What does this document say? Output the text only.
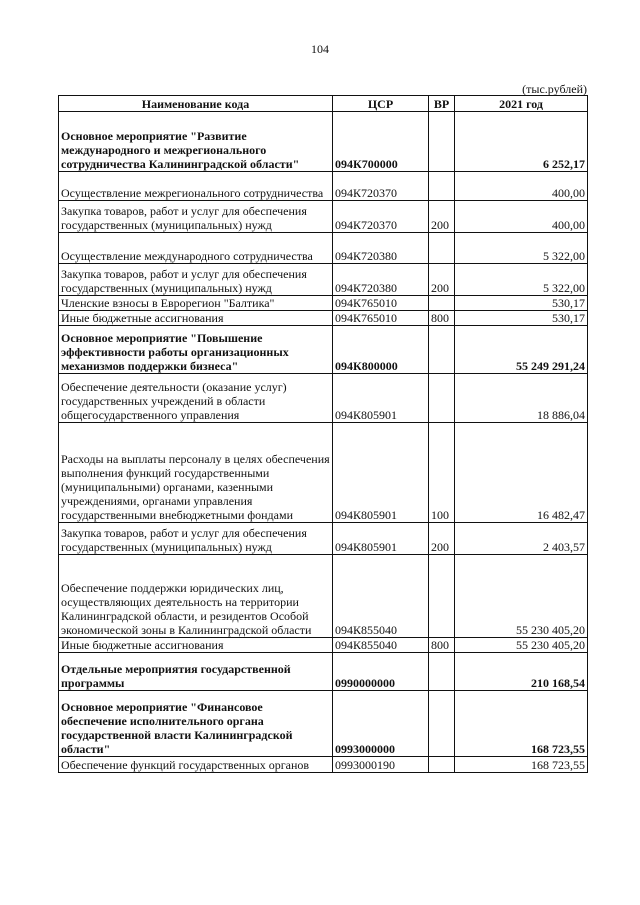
104
(тыс.рублей)
Наименование кода	ЦСР	ВР	2021 год
Основное мероприятие "Развитие международного и межрегионального сотрудничества Калининградской области"	094К700000		6 252,17
Осуществление межрегионального сотрудничества	094К720370		400,00
Закупка товаров, работ и услуг для обеспечения государственных (муниципальных) нужд	094К720370	200	400,00
Осуществление международного сотрудничества	094К720380		5 322,00
Закупка товаров, работ и услуг для обеспечения государственных (муниципальных) нужд	094К720380	200	5 322,00
Членские взносы в Еврорегион "Балтика"	094К765010		530,17
Иные бюджетные ассигнования	094К765010	800	530,17
Основное мероприятие "Повышение эффективности работы организационных механизмов поддержки бизнеса"	094К800000		55 249 291,24
Обеспечение деятельности (оказание услуг) государственных учреждений в области общегосударственного управления	094К805901		18 886,04
Расходы на выплаты персоналу в целях обеспечения выполнения функций государственными (муниципальными) органами, казенными учреждениями, органами управления государственными внебюджетными фондами	094К805901	100	16 482,47
Закупка товаров, работ и услуг для обеспечения государственных (муниципальных) нужд	094К805901	200	2 403,57
Обеспечение поддержки юридических лиц, осуществляющих деятельность на территории Калининградской области, и резидентов Особой экономической зоны в Калининградской области	094К855040		55 230 405,20
Иные бюджетные ассигнования	094К855040	800	55 230 405,20
Отдельные мероприятия государственной программы	0990000000		210 168,54
Основное мероприятие "Финансовое обеспечение исполнительного органа государственной власти Калининградской области"	0993000000		168 723,55
Обеспечение функций государственных органов	0993000190		168 723,55
